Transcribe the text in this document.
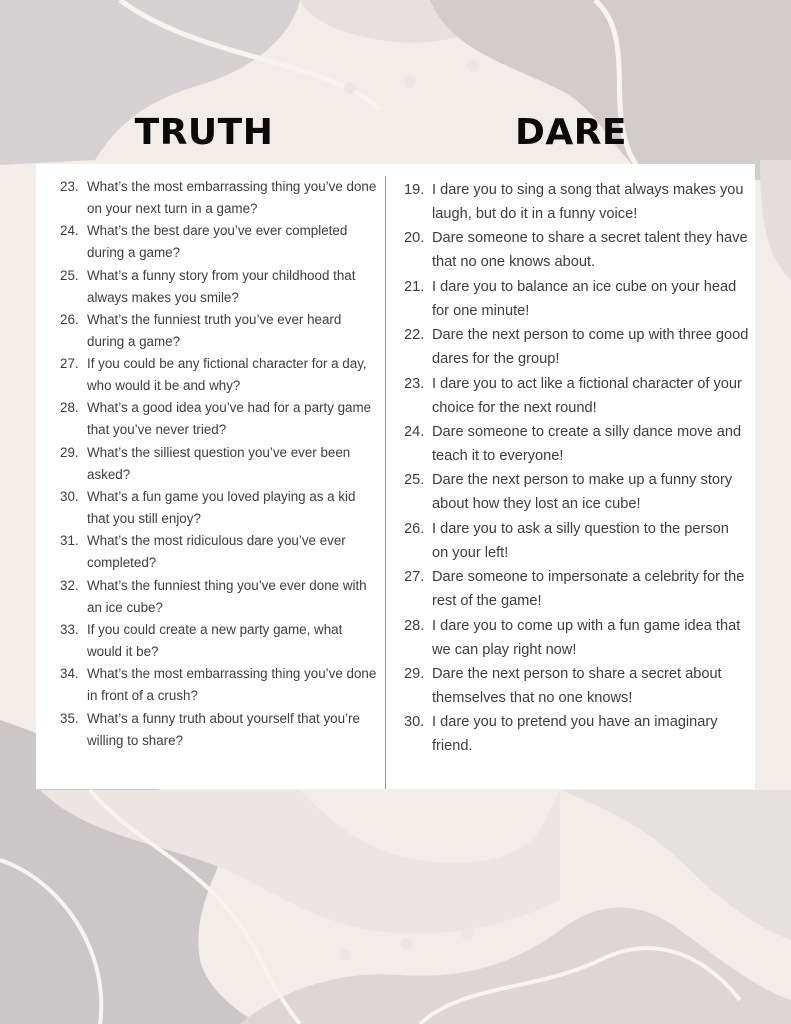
TRUTH	DARE
23. What’s the most embarrassing thing you’ve done on your next turn in a game?
24. What’s the best dare you’ve ever completed during a game?
25. What’s a funny story from your childhood that always makes you smile?
26. What’s the funniest truth you’ve ever heard during a game?
27. If you could be any fictional character for a day, who would it be and why?
28. What’s a good idea you’ve had for a party game that you’ve never tried?
29. What’s the silliest question you’ve ever been asked?
30. What’s a fun game you loved playing as a kid that you still enjoy?
31. What’s the most ridiculous dare you’ve ever completed?
32. What’s the funniest thing you’ve ever done with an ice cube?
33. If you could create a new party game, what would it be?
34. What’s the most embarrassing thing you’ve done in front of a crush?
35. What’s a funny truth about yourself that you’re willing to share?
19. I dare you to sing a song that always makes you laugh, but do it in a funny voice!
20. Dare someone to share a secret talent they have that no one knows about.
21. I dare you to balance an ice cube on your head for one minute!
22. Dare the next person to come up with three good dares for the group!
23. I dare you to act like a fictional character of your choice for the next round!
24. Dare someone to create a silly dance move and teach it to everyone!
25. Dare the next person to make up a funny story about how they lost an ice cube!
26. I dare you to ask a silly question to the person on your left!
27. Dare someone to impersonate a celebrity for the rest of the game!
28. I dare you to come up with a fun game idea that we can play right now!
29. Dare the next person to share a secret about themselves that no one knows!
30. I dare you to pretend you have an imaginary friend.
